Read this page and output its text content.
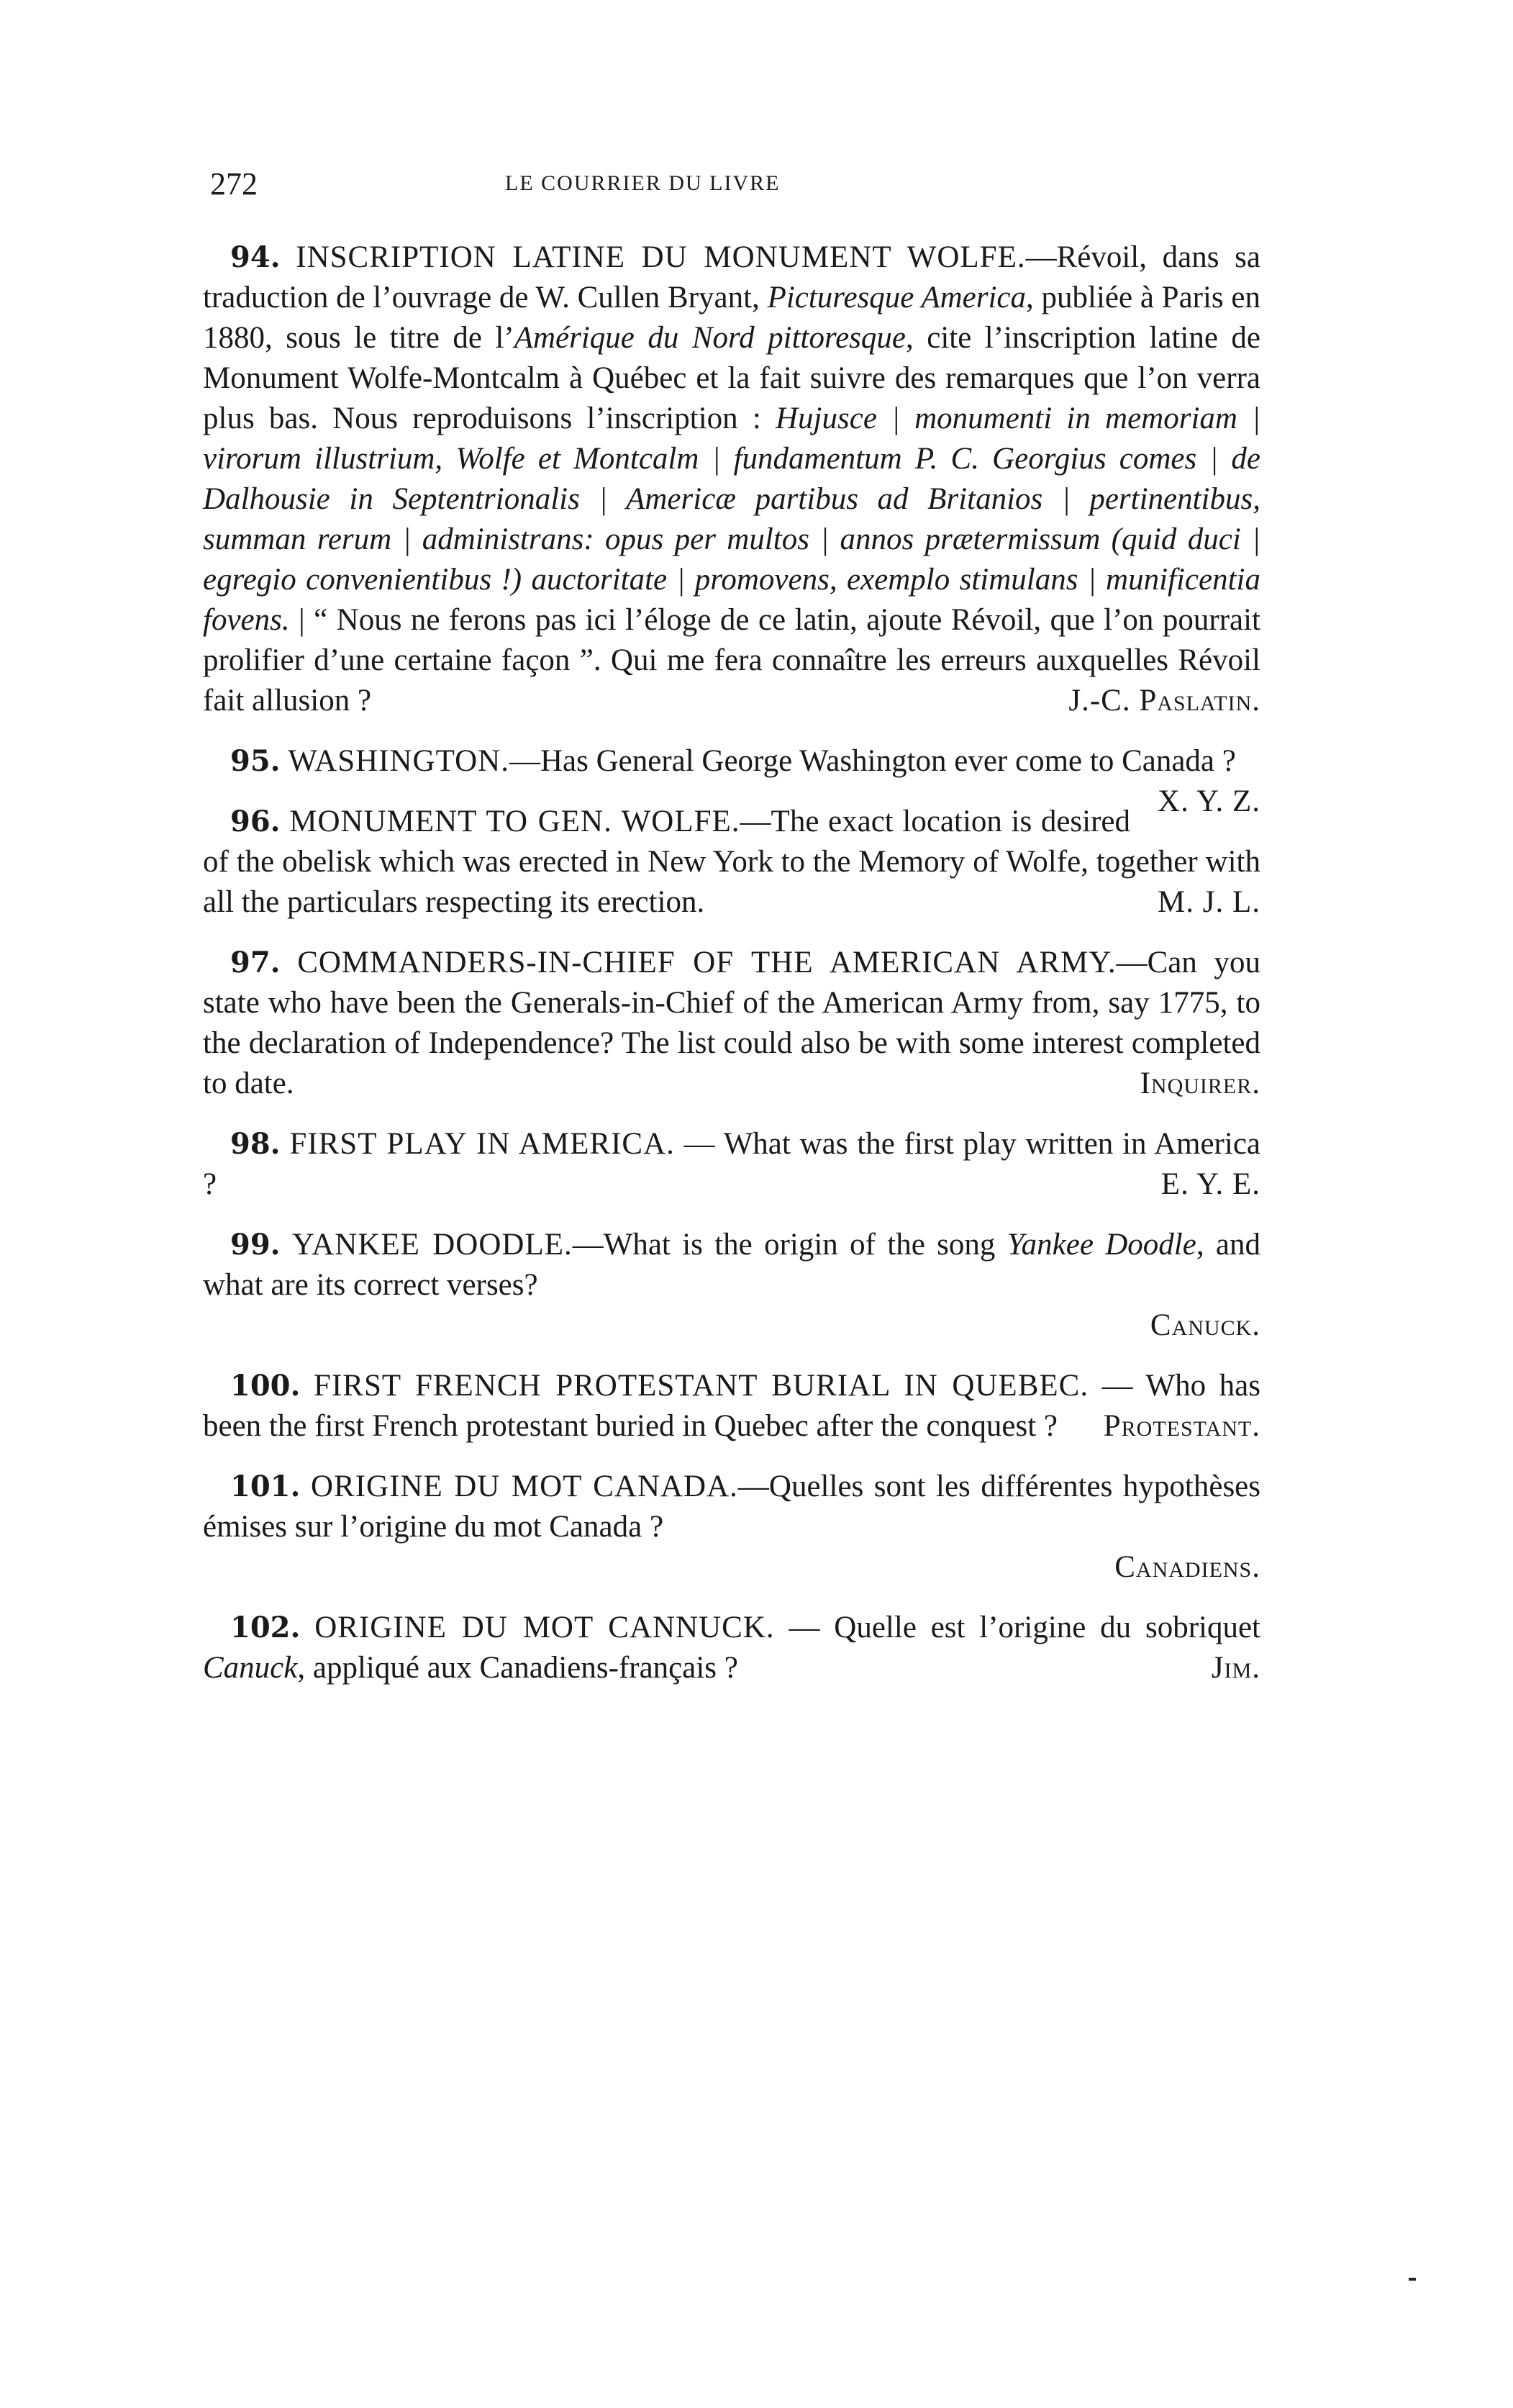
272	LE COURRIER DU LIVRE
94. INSCRIPTION LATINE DU MONUMENT WOLFE.—Révoil, dans sa traduction de l’ouvrage de W. Cullen Bryant, Picturesque America, publiée à Paris en 1880, sous le titre de l’Amérique du Nord pittoresque, cite l’inscription latine de Monument Wolfe-Montcalm à Québec et la fait suivre des remarques que l’on verra plus bas. Nous reproduisons l’inscription : Hujusce | monumenti in memoriam | virorum illustrium, Wolfe et Montcalm | fundamentum P. C. Georgius comes | de Dalhousie in Septentrionalis | Americæ partibus ad Britanios | pertinentibus, summan rerum | administrans: opus per multos | annos prætermissum (quid duci | egregio convenientibus !) auctoritate | promovens, exemplo stimulans | munificentia fovens. | “ Nous ne ferons pas ici l’éloge de ce latin, ajoute Révoil, que l’on pourrait prolifier d’une certaine façon ”. Qui me fera connaître les erreurs auxquelles Révoil fait allusion ?	J.-C. Paslatin.
95. WASHINGTON.—Has General George Washington ever come to Canada ?
X. Y. Z.
96. MONUMENT TO GEN. WOLFE.—The exact location is desired of the obelisk which was erected in New York to the Memory of Wolfe, together with all the particulars respecting its erection.	M. J. L.
97. COMMANDERS-IN-CHIEF OF THE AMERICAN ARMY.—Can you state who have been the Generals-in-Chief of the American Army from, say 1775, to the declaration of Independence? The list could also be with some interest completed to date.	Inquirer.
98. FIRST PLAY IN AMERICA. — What was the first play written in America ?	E. Y. E.
99. YANKEE DOODLE.—What is the origin of the song Yankee Doodle, and what are its correct verses?
Canuck.
100. FIRST FRENCH PROTESTANT BURIAL IN QUEBEC. — Who has been the first French protestant buried in Quebec after the conquest ?	Protestant.
101. ORIGINE DU MOT CANADA.—Quelles sont les différentes hypothèses émises sur l’origine du mot Canada ?
Canadiens.
102. ORIGINE DU MOT CANNUCK. — Quelle est l’origine du sobriquet Canuck, appliqué aux Canadiens-français ?	Jim.
